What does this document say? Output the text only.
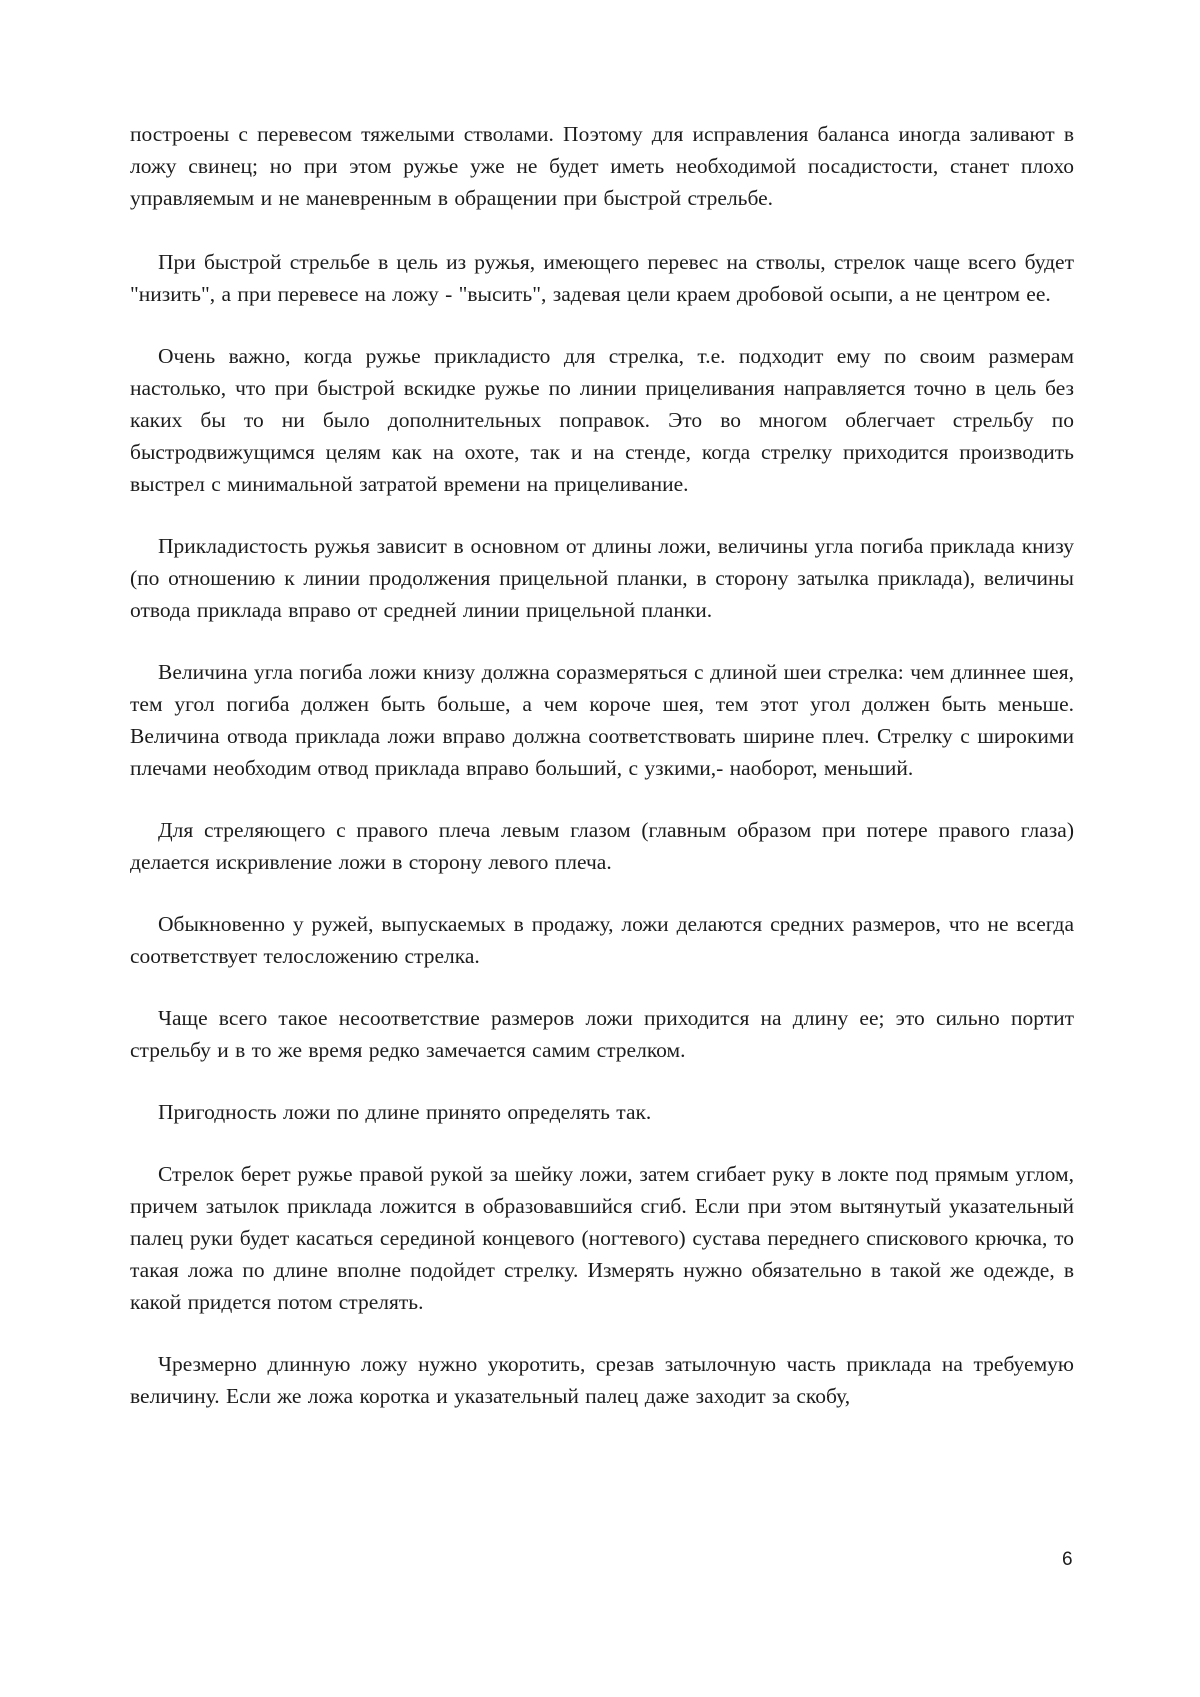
построены с перевесом тяжелыми стволами. Поэтому для исправления баланса иногда заливают в ложу свинец; но при этом ружье уже не будет иметь необходимой посадистости, станет плохо управляемым и не маневренным в обращении при быстрой стрельбе.

При быстрой стрельбе в цель из ружья, имеющего перевес на стволы, стрелок чаще всего будет "низить", а при перевесе на ложу - "высить", задевая цели краем дробовой осыпи, а не центром ее.

Очень важно, когда ружье прикладисто для стрелка, т.е. подходит ему по своим размерам настолько, что при быстрой вскидке ружье по линии прицеливания направляется точно в цель без каких бы то ни было дополнительных поправок. Это во многом облегчает стрельбу по быстродвижущимся целям как на охоте, так и на стенде, когда стрелку приходится производить выстрел с минимальной затратой времени на прицеливание.

Прикладистость ружья зависит в основном от длины ложи, величины угла погиба приклада книзу (по отношению к линии продолжения прицельной планки, в сторону затылка приклада), величины отвода приклада вправо от средней линии прицельной планки.

Величина угла погиба ложи книзу должна соразмеряться с длиной шеи стрелка: чем длиннее шея, тем угол погиба должен быть больше, а чем короче шея, тем этот угол должен быть меньше. Величина отвода приклада ложи вправо должна соответствовать ширине плеч. Стрелку с широкими плечами необходим отвод приклада вправо больший, с узкими,- наоборот, меньший.

Для стреляющего с правого плеча левым глазом (главным образом при потере правого глаза) делается искривление ложи в сторону левого плеча.

Обыкновенно у ружей, выпускаемых в продажу, ложи делаются средних размеров, что не всегда соответствует телосложению стрелка.

Чаще всего такое несоответствие размеров ложи приходится на длину ее; это сильно портит стрельбу и в то же время редко замечается самим стрелком.

Пригодность ложи по длине принято определять так.

Стрелок берет ружье правой рукой за шейку ложи, затем сгибает руку в локте под прямым углом, причем затылок приклада ложится в образовавшийся сгиб. Если при этом вытянутый указательный палец руки будет касаться серединой концевого (ногтевого) сустава переднего спискового крючка, то такая ложа по длине вполне подойдет стрелку. Измерять нужно обязательно в такой же одежде, в какой придется потом стрелять.

Чрезмерно длинную ложу нужно укоротить, срезав затылочную часть приклада на требуемую величину. Если же ложа коротка и указательный палец даже заходит за скобу,

6
